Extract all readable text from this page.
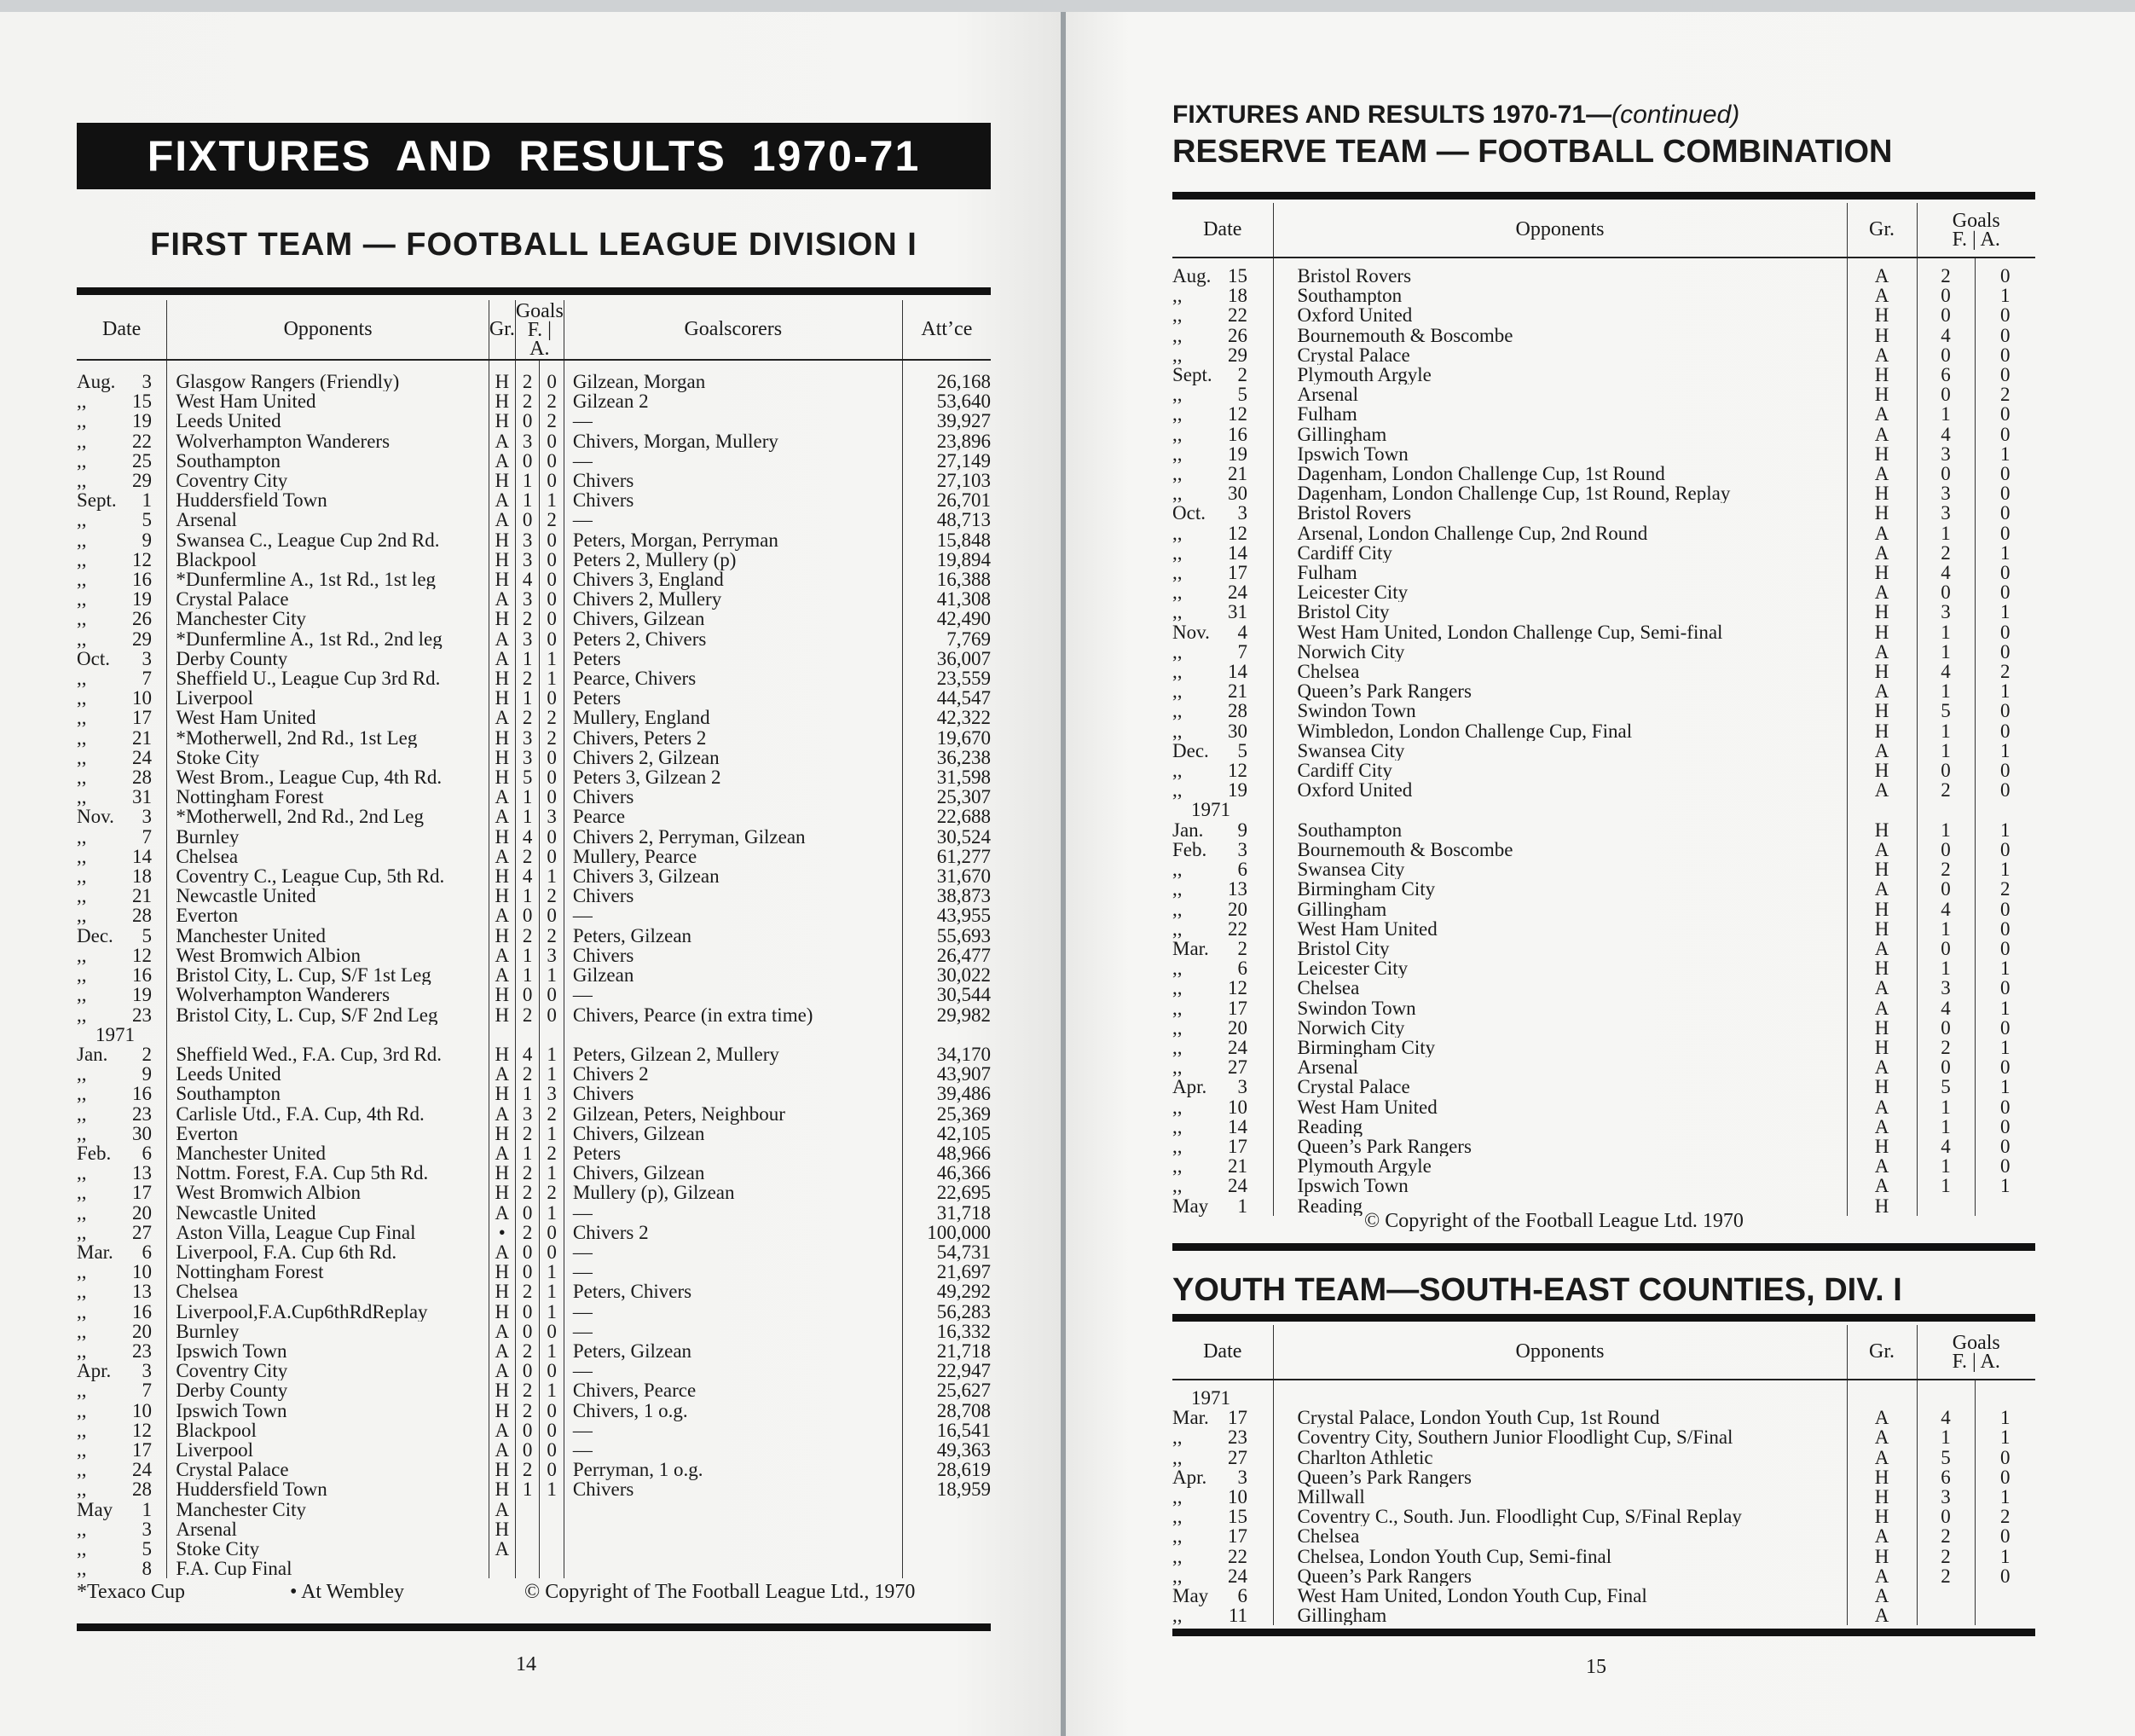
FIXTURES AND RESULTS 1970-71
FIRST TEAM — FOOTBALL LEAGUE DIVISION I
Date	Opponents	Gr.	Goals
F. | A.		Goalscorers	Att’ce

Aug. 3	Glasgow Rangers (Friendly)	H	2	0	Gilzean, Morgan	26,168
,, 15	West Ham United	H	2	2	Gilzean 2	53,640
,, 19	Leeds United	H	0	2	—	39,927
,, 22	Wolverhampton Wanderers	A	3	0	Chivers, Morgan, Mullery	23,896
,, 25	Southampton	A	0	0	—	27,149
,, 29	Coventry City	H	1	0	Chivers	27,103
Sept. 1	Huddersfield Town	A	1	1	Chivers	26,701
,, 5	Arsenal	A	0	2	—	48,713
,, 9	Swansea C., League Cup 2nd Rd.	H	3	0	Peters, Morgan, Perryman	15,848
,, 12	Blackpool	H	3	0	Peters 2, Mullery (p)	19,894
,, 16	*Dunfermline A., 1st Rd., 1st leg	H	4	0	Chivers 3, England	16,388
,, 19	Crystal Palace	A	3	0	Chivers 2, Mullery	41,308
,, 26	Manchester City	H	2	0	Chivers, Gilzean	42,490
,, 29	*Dunfermline A., 1st Rd., 2nd leg	A	3	0	Peters 2, Chivers	7,769
Oct. 3	Derby County	A	1	1	Peters	36,007
,, 7	Sheffield U., League Cup 3rd Rd.	H	2	1	Pearce, Chivers	23,559
,, 10	Liverpool	H	1	0	Peters	44,547
,, 17	West Ham United	A	2	2	Mullery, England	42,322
,, 21	*Motherwell, 2nd Rd., 1st Leg	H	3	2	Chivers, Peters 2	19,670
,, 24	Stoke City	H	3	0	Chivers 2, Gilzean	36,238
,, 28	West Brom., League Cup, 4th Rd.	H	5	0	Peters 3, Gilzean 2	31,598
,, 31	Nottingham Forest	A	1	0	Chivers	25,307
Nov. 3	*Motherwell, 2nd Rd., 2nd Leg	A	1	3	Pearce	22,688
,, 7	Burnley	H	4	0	Chivers 2, Perryman, Gilzean	30,524
,, 14	Chelsea	A	2	0	Mullery, Pearce	61,277
,, 18	Coventry C., League Cup, 5th Rd.	H	4	1	Chivers 3, Gilzean	31,670
,, 21	Newcastle United	H	1	2	Chivers	38,873
,, 28	Everton	A	0	0	—	43,955
Dec. 5	Manchester United	H	2	2	Peters, Gilzean	55,693
,, 12	West Bromwich Albion	A	1	3	Chivers	26,477
,, 16	Bristol City, L. Cup, S/F 1st Leg	A	1	1	Gilzean	30,022
,, 19	Wolverhampton Wanderers	H	0	0	—	30,544
,, 23	Bristol City, L. Cup, S/F 2nd Leg	H	2	0	Chivers, Pearce (in extra time)	29,982
1971						
Jan. 2	Sheffield Wed., F.A. Cup, 3rd Rd.	H	4	1	Peters, Gilzean 2, Mullery	34,170
,, 9	Leeds United	A	2	1	Chivers 2	43,907
,, 16	Southampton	H	1	3	Chivers	39,486
,, 23	Carlisle Utd., F.A. Cup, 4th Rd.	A	3	2	Gilzean, Peters, Neighbour	25,369
,, 30	Everton	H	2	1	Chivers, Gilzean	42,105
Feb. 6	Manchester United	A	1	2	Peters	48,966
,, 13	Nottm. Forest, F.A. Cup 5th Rd.	H	2	1	Chivers, Gilzean	46,366
,, 17	West Bromwich Albion	H	2	2	Mullery (p), Gilzean	22,695
,, 20	Newcastle United	A	0	1	—	31,718
,, 27	Aston Villa, League Cup Final	•	2	0	Chivers 2	100,000
Mar. 6	Liverpool, F.A. Cup 6th Rd.	A	0	0	—	54,731
,, 10	Nottingham Forest	H	0	1	—	21,697
,, 13	Chelsea	H	2	1	Peters, Chivers	49,292
,, 16	Liverpool,F.A.Cup6thRdReplay	H	0	1	—	56,283
,, 20	Burnley	A	0	0	—	16,332
,, 23	Ipswich Town	A	2	1	Peters, Gilzean	21,718
Apr. 3	Coventry City	A	0	0	—	22,947
,, 7	Derby County	H	2	1	Chivers, Pearce	25,627
,, 10	Ipswich Town	H	2	0	Chivers, 1 o.g.	28,708
,, 12	Blackpool	A	0	0	—	16,541
,, 17	Liverpool	A	0	0	—	49,363
,, 24	Crystal Palace	H	2	0	Perryman, 1 o.g.	28,619
,, 28	Huddersfield Town	H	1	1	Chivers	18,959
May 1	Manchester City	A				
,, 3	Arsenal	H				
,, 5	Stoke City	A				
,, 8	F.A. Cup Final					
*Texaco Cup	• At Wembley	© Copyright of The Football League Ltd., 1970
14
FIXTURES AND RESULTS 1970-71—(continued)
RESERVE TEAM — FOOTBALL COMBINATION
Date	Opponents	Gr.	Goals
F. | A.	

Aug. 15	Bristol Rovers	A	2	0
,, 18	Southampton	A	0	1
,, 22	Oxford United	H	0	0
,, 26	Bournemouth & Boscombe	H	4	0
,, 29	Crystal Palace	A	0	0
Sept. 2	Plymouth Argyle	H	6	0
,, 5	Arsenal	H	0	2
,, 12	Fulham	A	1	0
,, 16	Gillingham	A	4	0
,, 19	Ipswich Town	H	3	1
,, 21	Dagenham, London Challenge Cup, 1st Round	A	0	0
,, 30	Dagenham, London Challenge Cup, 1st Round, Replay	H	3	0
Oct. 3	Bristol Rovers	H	3	0
,, 12	Arsenal, London Challenge Cup, 2nd Round	A	1	0
,, 14	Cardiff City	A	2	1
,, 17	Fulham	H	4	0
,, 24	Leicester City	A	0	0
,, 31	Bristol City	H	3	1
Nov. 4	West Ham United, London Challenge Cup, Semi-final	H	1	0
,, 7	Norwich City	A	1	0
,, 14	Chelsea	H	4	2
,, 21	Queen’s Park Rangers	A	1	1
,, 28	Swindon Town	H	5	0
,, 30	Wimbledon, London Challenge Cup, Final	H	1	0
Dec. 5	Swansea City	A	1	1
,, 12	Cardiff City	H	0	0
,, 19	Oxford United	A	2	0
1971				
Jan. 9	Southampton	H	1	1
Feb. 3	Bournemouth & Boscombe	A	0	0
,, 6	Swansea City	H	2	1
,, 13	Birmingham City	A	0	2
,, 20	Gillingham	H	4	0
,, 22	West Ham United	H	1	0
Mar. 2	Bristol City	A	0	0
,, 6	Leicester City	H	1	1
,, 12	Chelsea	A	3	0
,, 17	Swindon Town	A	4	1
,, 20	Norwich City	H	0	0
,, 24	Birmingham City	H	2	1
,, 27	Arsenal	A	0	0
Apr. 3	Crystal Palace	H	5	1
,, 10	West Ham United	A	1	0
,, 14	Reading	A	1	0
,, 17	Queen’s Park Rangers	H	4	0
,, 21	Plymouth Argyle	A	1	0
,, 24	Ipswich Town	A	1	1
May 1	Reading	H		
© Copyright of the Football League Ltd. 1970
YOUTH TEAM—SOUTH-EAST COUNTIES, DIV. I
Date	Opponents	Gr.	Goals
F. | A.	

1971				
Mar. 17	Crystal Palace, London Youth Cup, 1st Round	A	4	1
,, 23	Coventry City, Southern Junior Floodlight Cup, S/Final	A	1	1
,, 27	Charlton Athletic	A	5	0
Apr. 3	Queen’s Park Rangers	H	6	0
,, 10	Millwall	H	3	1
,, 15	Coventry C., South. Jun. Floodlight Cup, S/Final Replay	H	0	2
,, 17	Chelsea	A	2	0
,, 22	Chelsea, London Youth Cup, Semi-final	H	2	1
,, 24	Queen’s Park Rangers	A	2	0
May 6	West Ham United, London Youth Cup, Final	A		
,, 11	Gillingham	A		
15
